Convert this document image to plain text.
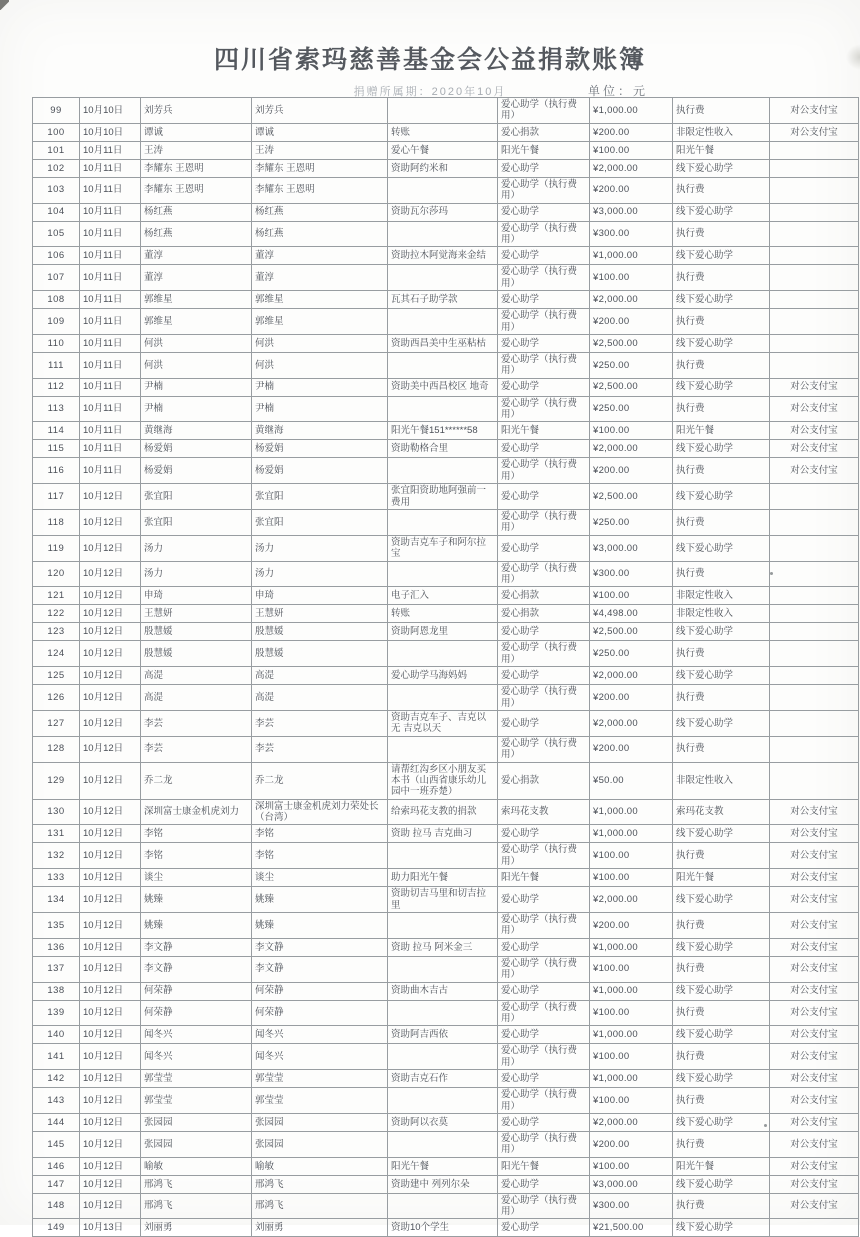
四川省索玛慈善基金会公益捐款账簿
捐赠所属期：2020年10月	单位：元
99	10月10日	刘芳兵	刘芳兵		爱心助学（执行费用）	¥1,000.00	执行费	对公支付宝
100	10月10日	谭诚	谭诚	转账	爱心捐款	¥200.00	非限定性收入	对公支付宝
101	10月11日	王涛	王涛	爱心午餐	阳光午餐	¥100.00	阳光午餐	
102	10月11日	李耀东 王恩明	李耀东 王恩明	资助阿约米和	爱心助学	¥2,000.00	线下爱心助学	
103	10月11日	李耀东 王恩明	李耀东 王恩明		爱心助学（执行费用）	¥200.00	执行费	
104	10月11日	杨红燕	杨红燕	资助瓦尔莎玛	爱心助学	¥3,000.00	线下爱心助学	
105	10月11日	杨红燕	杨红燕		爱心助学（执行费用）	¥300.00	执行费	
106	10月11日	董淳	董淳	资助拉木阿觉海来金结	爱心助学	¥1,000.00	线下爱心助学	
107	10月11日	董淳	董淳		爱心助学（执行费用）	¥100.00	执行费	
108	10月11日	郭维星	郭维星	瓦其石子助学款	爱心助学	¥2,000.00	线下爱心助学	
109	10月11日	郭维星	郭维星		爱心助学（执行费用）	¥200.00	执行费	
110	10月11日	何洪	何洪	资助西昌美中生巫粘枯	爱心助学	¥2,500.00	线下爱心助学	
111	10月11日	何洪	何洪		爱心助学（执行费用）	¥250.00	执行费	
112	10月11日	尹楠	尹楠	资助美中西昌校区 地奇	爱心助学	¥2,500.00	线下爱心助学	对公支付宝
113	10月11日	尹楠	尹楠		爱心助学（执行费用）	¥250.00	执行费	对公支付宝
114	10月11日	黄继海	黄继海	阳光午餐151******58	阳光午餐	¥100.00	阳光午餐	对公支付宝
115	10月11日	杨爱娟	杨爱娟	资助勒格合里	爱心助学	¥2,000.00	线下爱心助学	对公支付宝
116	10月11日	杨爱娟	杨爱娟		爱心助学（执行费用）	¥200.00	执行费	对公支付宝
117	10月12日	张宜阳	张宜阳	张宜阳资助地阿强前一费用	爱心助学	¥2,500.00	线下爱心助学	
118	10月12日	张宜阳	张宜阳		爱心助学（执行费用）	¥250.00	执行费	
119	10月12日	汤力	汤力	资助吉克车子和阿尔拉宝	爱心助学	¥3,000.00	线下爱心助学	
120	10月12日	汤力	汤力		爱心助学（执行费用）	¥300.00	执行费	
121	10月12日	申琦	申琦	电子汇入	爱心捐款	¥100.00	非限定性收入	
122	10月12日	王慧妍	王慧妍	转账	爱心捐款	¥4,498.00	非限定性收入	
123	10月12日	殷慧媛	殷慧媛	资助阿恩龙里	爱心助学	¥2,500.00	线下爱心助学	
124	10月12日	殷慧媛	殷慧媛		爱心助学（执行费用）	¥250.00	执行费	
125	10月12日	高湜	高湜	爱心助学马海妈妈	爱心助学	¥2,000.00	线下爱心助学	
126	10月12日	高湜	高湜		爱心助学（执行费用）	¥200.00	执行费	
127	10月12日	李芸	李芸	资助吉克车子、吉克以无 吉克以天	爱心助学	¥2,000.00	线下爱心助学	
128	10月12日	李芸	李芸		爱心助学（执行费用）	¥200.00	执行费	
129	10月12日	乔二龙	乔二龙	请帮红沟乡区小朋友买本书（山西省康乐幼儿园中一班乔楚）	爱心捐款	¥50.00	非限定性收入	
130	10月12日	深圳富士康金机虎刘力	深圳富士康金机虎刘力荣处长（台湾）	给索玛花支教的捐款	索玛花支教	¥1,000.00	索玛花支教	对公支付宝
131	10月12日	李铭	李铭	资助 拉马 吉克曲习	爱心助学	¥1,000.00	线下爱心助学	对公支付宝
132	10月12日	李铭	李铭		爱心助学（执行费用）	¥100.00	执行费	对公支付宝
133	10月12日	谈尘	谈尘	助力阳光午餐	阳光午餐	¥100.00	阳光午餐	对公支付宝
134	10月12日	姚臻	姚臻	资助切吉马里和切吉拉里	爱心助学	¥2,000.00	线下爱心助学	对公支付宝
135	10月12日	姚臻	姚臻		爱心助学（执行费用）	¥200.00	执行费	对公支付宝
136	10月12日	李文静	李文静	资助 拉马 阿米金三	爱心助学	¥1,000.00	线下爱心助学	对公支付宝
137	10月12日	李文静	李文静		爱心助学（执行费用）	¥100.00	执行费	对公支付宝
138	10月12日	何荣静	何荣静	资助曲木吉古	爱心助学	¥1,000.00	线下爱心助学	对公支付宝
139	10月12日	何荣静	何荣静		爱心助学（执行费用）	¥100.00	执行费	对公支付宝
140	10月12日	闻冬兴	闻冬兴	资助阿吉西依	爱心助学	¥1,000.00	线下爱心助学	对公支付宝
141	10月12日	闻冬兴	闻冬兴		爱心助学（执行费用）	¥100.00	执行费	对公支付宝
142	10月12日	郭莹莹	郭莹莹	资助吉克石作	爱心助学	¥1,000.00	线下爱心助学	对公支付宝
143	10月12日	郭莹莹	郭莹莹		爱心助学（执行费用）	¥100.00	执行费	对公支付宝
144	10月12日	张园园	张园园	资助阿以衣莫	爱心助学	¥2,000.00	线下爱心助学	对公支付宝
145	10月12日	张园园	张园园		爱心助学（执行费用）	¥200.00	执行费	对公支付宝
146	10月12日	喻敏	喻敏	阳光午餐	阳光午餐	¥100.00	阳光午餐	对公支付宝
147	10月12日	邢鸿飞	邢鸿飞	资助建中 列列尔朵	爱心助学	¥3,000.00	线下爱心助学	对公支付宝
148	10月12日	邢鸿飞	邢鸿飞		爱心助学（执行费用）	¥300.00	执行费	对公支付宝
149	10月13日	刘丽勇	刘丽勇	资助10个学生	爱心助学	¥21,500.00	线下爱心助学	
